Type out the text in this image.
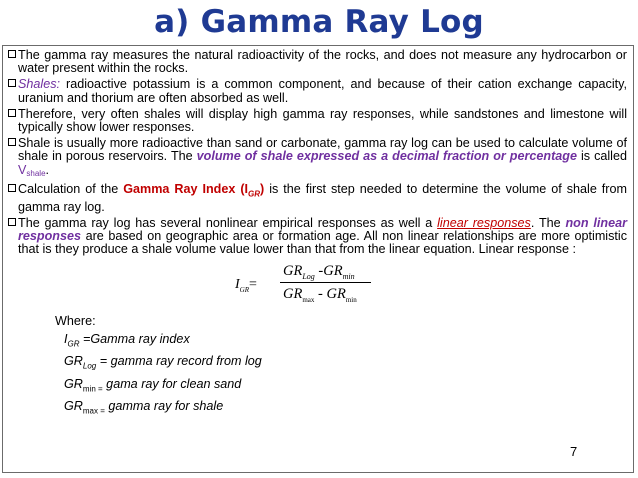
a) Gamma Ray Log

The gamma ray measures the natural radioactivity of the rocks, and does not measure any hydrocarbon or water present within the rocks.

Shales: radioactive potassium is a common component, and because of their cation exchange capacity, uranium and thorium are often absorbed as well.

Therefore, very often shales will display high gamma ray responses, while sandstones and limestone will typically show lower responses.

Shale is usually more radioactive than sand or carbonate, gamma ray log can be used to calculate volume of shale in porous reservoirs. The volume of shale expressed as a decimal fraction or percentage is called Vshale.

Calculation of the Gamma Ray Index $(I_{GR})$ is the first step needed to determine the volume of shale from gamma ray log.

The gamma ray log has several nonlinear empirical responses as well a linear responses. The non linear responses are based on geographic area or formation age. All non linear relationships are more optimistic that is they produce a shale volume value lower than that from the linear equation. Linear response :

$I_{GR}=$
$GR_{Log}$ $-GR_{min}$
$GR_{max} - GR_{min}$
Where:
$I_{GR}$ =Gamma ray index
$GR_{Log}$ = gamma ray record from log
$GR_{min =}$ gama ray for clean sand
$GR_{max =}$ gamma ray for shale
7
